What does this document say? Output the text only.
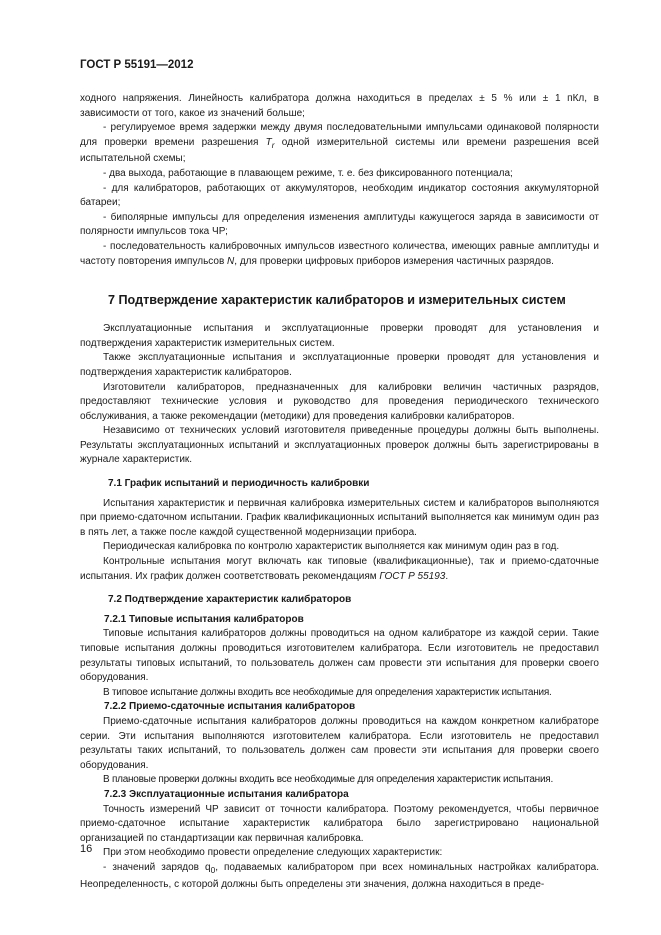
ГОСТ Р 55191—2012

ходного напряжения. Линейность калибратора должна находиться в пределах ± 5 % или ± 1 пКл, в зависимости от того, какое из значений больше;

- регулируемое время задержки между двумя последовательными импульсами одинаковой полярности для проверки времени разрешения $T_r$ одной измерительной системы или времени разрешения всей испытательной схемы;

- два выхода, работающие в плавающем режиме, т. е. без фиксированного потенциала;

- для калибраторов, работающих от аккумуляторов, необходим индикатор состояния аккумуляторной батареи;

- биполярные импульсы для определения изменения амплитуды кажущегося заряда в зависимости от полярности импульсов тока ЧР;

- последовательность калибровочных импульсов известного количества, имеющих равные амплитуды и частоту повторения импульсов N, для проверки цифровых приборов измерения частичных разрядов.

7 Подтверждение характеристик калибраторов и измерительных систем

Эксплуатационные испытания и эксплуатационные проверки проводят для установления и подтверждения характеристик измерительных систем.

Также эксплуатационные испытания и эксплуатационные проверки проводят для установления и подтверждения характеристик калибраторов.

Изготовители калибраторов, предназначенных для калибровки величин частичных разрядов, предоставляют технические условия и руководство для проведения периодического технического обслуживания, а также рекомендации (методики) для проведения калибровки калибраторов.

Независимо от технических условий изготовителя приведенные процедуры должны быть выполнены. Результаты эксплуатационных испытаний и эксплуатационных проверок должны быть зарегистрированы в журнале характеристик.

7.1 График испытаний и периодичность калибровки

Испытания характеристик и первичная калибровка измерительных систем и калибраторов выполняются при приемо-сдаточном испытании. График квалификационных испытаний выполняется как минимум один раз в пять лет, а также после каждой существенной модернизации прибора.

Периодическая калибровка по контролю характеристик выполняется как минимум один раз в год.

Контрольные испытания могут включать как типовые (квалификационные), так и приемо-сдаточные испытания. Их график должен соответствовать рекомендациям ГОСТ Р 55193.

7.2 Подтверждение характеристик калибраторов

7.2.1 Типовые испытания калибраторов

Типовые испытания калибраторов должны проводиться на одном калибраторе из каждой серии. Такие типовые испытания должны проводиться изготовителем калибратора. Если изготовитель не предоставил результаты типовых испытаний, то пользователь должен сам провести эти испытания для проверки своего оборудования.

В типовое испытание должны входить все необходимые для определения характеристик испытания.

7.2.2 Приемо-сдаточные испытания калибраторов

Приемо-сдаточные испытания калибраторов должны проводиться на каждом конкретном калибраторе серии. Эти испытания выполняются изготовителем калибратора. Если изготовитель не предоставил результаты таких испытаний, то пользователь должен сам провести эти испытания для проверки своего оборудования.

В плановые проверки должны входить все необходимые для определения характеристик испытания.

7.2.3 Эксплуатационные испытания калибратора

Точность измерений ЧР зависит от точности калибратора. Поэтому рекомендуется, чтобы первичное приемо-сдаточное испытание характеристик калибратора было зарегистрировано национальной организацией по стандартизации как первичная калибровка.

При этом необходимо провести определение следующих характеристик:

- значений зарядов $q_0$, подаваемых калибратором при всех номинальных настройках калибратора. Неопределенность, с которой должны быть определены эти значения, должна находиться в преде-

16
